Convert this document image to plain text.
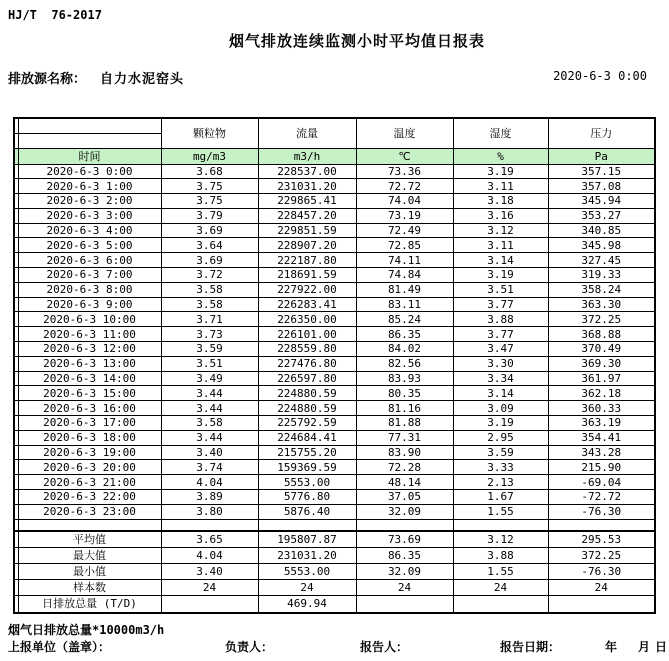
HJ/T  76-2017
烟气排放连续监测小时平均值日报表
排放源名称： 自力水泥窑头	2020-6-3 0:00
		颗粒物	流量	温度	湿度	压力

	时间	mg/m3	m3/h	℃	%	Pa
	2020-6-3 0:00	3.68	228537.00	73.36	3.19	357.15
	2020-6-3 1:00	3.75	231031.20	72.72	3.11	357.08
	2020-6-3 2:00	3.75	229865.41	74.04	3.18	345.94
	2020-6-3 3:00	3.79	228457.20	73.19	3.16	353.27
	2020-6-3 4:00	3.69	229851.59	72.49	3.12	340.85
	2020-6-3 5:00	3.64	228907.20	72.85	3.11	345.98
	2020-6-3 6:00	3.69	222187.80	74.11	3.14	327.45
	2020-6-3 7:00	3.72	218691.59	74.84	3.19	319.33
	2020-6-3 8:00	3.58	227922.00	81.49	3.51	358.24
	2020-6-3 9:00	3.58	226283.41	83.11	3.77	363.30
	2020-6-3 10:00	3.71	226350.00	85.24	3.88	372.25
	2020-6-3 11:00	3.73	226101.00	86.35	3.77	368.88
	2020-6-3 12:00	3.59	228559.80	84.02	3.47	370.49
	2020-6-3 13:00	3.51	227476.80	82.56	3.30	369.30
	2020-6-3 14:00	3.49	226597.80	83.93	3.34	361.97
	2020-6-3 15:00	3.44	224880.59	80.35	3.14	362.18
	2020-6-3 16:00	3.44	224880.59	81.16	3.09	360.33
	2020-6-3 17:00	3.58	225792.59	81.88	3.19	363.19
	2020-6-3 18:00	3.44	224684.41	77.31	2.95	354.41
	2020-6-3 19:00	3.40	215755.20	83.90	3.59	343.28
	2020-6-3 20:00	3.74	159369.59	72.28	3.33	215.90
	2020-6-3 21:00	4.04	5553.00	48.14	2.13	-69.04
	2020-6-3 22:00	3.89	5776.80	37.05	1.67	-72.72
	2020-6-3 23:00	3.80	5876.40	32.09	1.55	-76.30

	平均值	3.65	195807.87	73.69	3.12	295.53
	最大值	4.04	231031.20	86.35	3.88	372.25
	最小值	3.40	5553.00	32.09	1.55	-76.30
	样本数	24	24	24	24	24
	日排放总量 (T/D)		469.94			
烟气日排放总量*10000m3/h
上报单位（盖章）：	负责人：	报告人：	报告日期：	年 月 日
